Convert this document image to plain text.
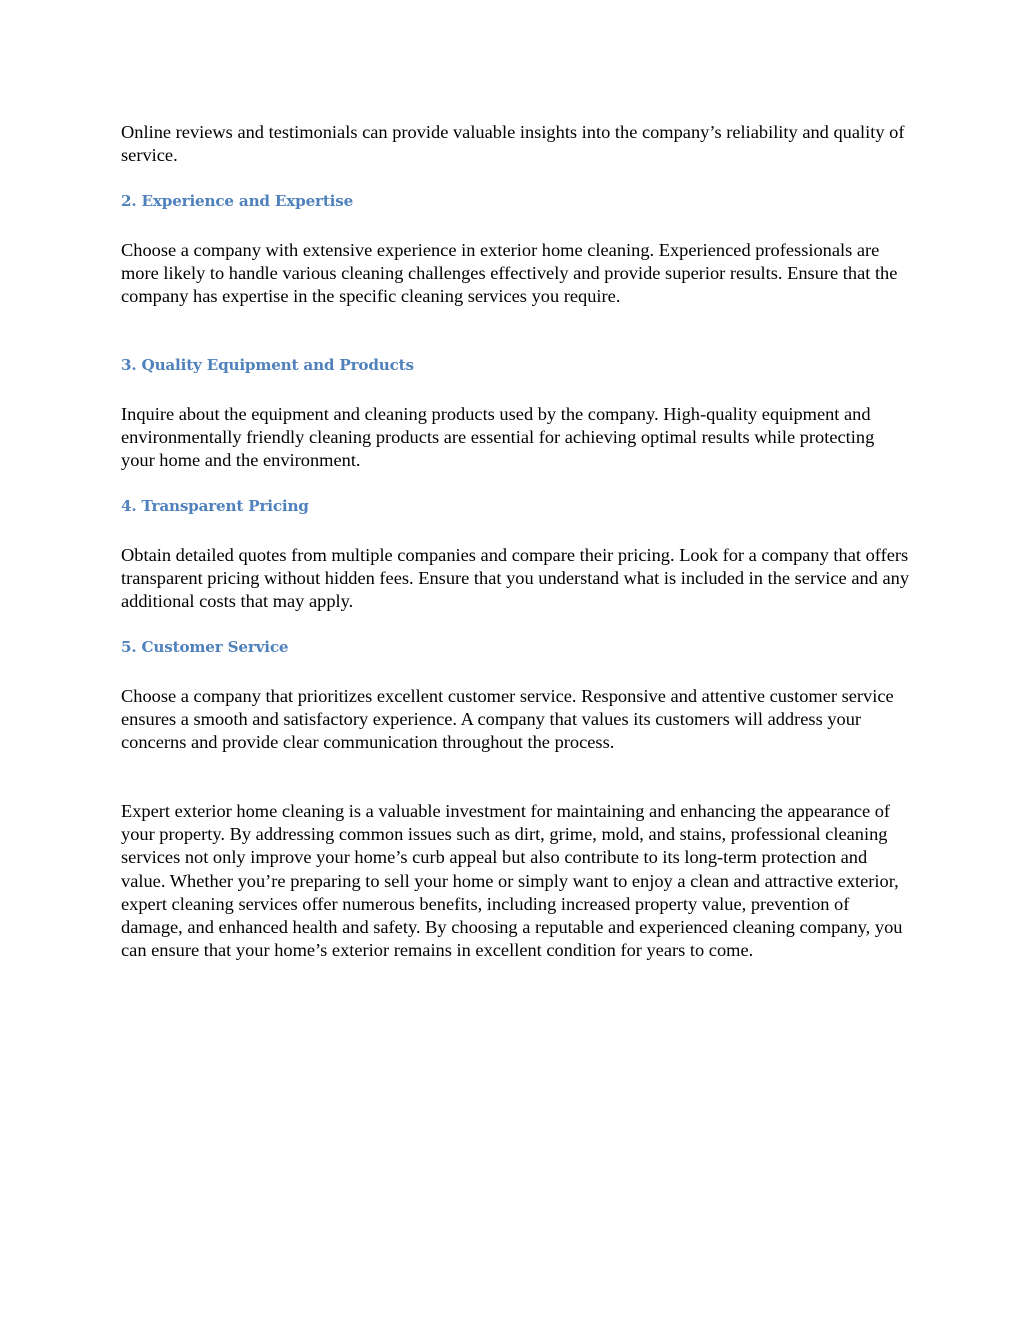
Online reviews and testimonials can provide valuable insights into the company’s reliability and quality of service.

2. Experience and Expertise

Choose a company with extensive experience in exterior home cleaning. Experienced professionals are more likely to handle various cleaning challenges effectively and provide superior results. Ensure that the company has expertise in the specific cleaning services you require.

3. Quality Equipment and Products

Inquire about the equipment and cleaning products used by the company. High-quality equipment and environmentally friendly cleaning products are essential for achieving optimal results while protecting your home and the environment.

4. Transparent Pricing

Obtain detailed quotes from multiple companies and compare their pricing. Look for a company that offers transparent pricing without hidden fees. Ensure that you understand what is included in the service and any additional costs that may apply.

5. Customer Service

Choose a company that prioritizes excellent customer service. Responsive and attentive customer service ensures a smooth and satisfactory experience. A company that values its customers will address your concerns and provide clear communication throughout the process.

Expert exterior home cleaning is a valuable investment for maintaining and enhancing the appearance of your property. By addressing common issues such as dirt, grime, mold, and stains, professional cleaning services not only improve your home’s curb appeal but also contribute to its long-term protection and value. Whether you’re preparing to sell your home or simply want to enjoy a clean and attractive exterior, expert cleaning services offer numerous benefits, including increased property value, prevention of damage, and enhanced health and safety. By choosing a reputable and experienced cleaning company, you can ensure that your home’s exterior remains in excellent condition for years to come.
